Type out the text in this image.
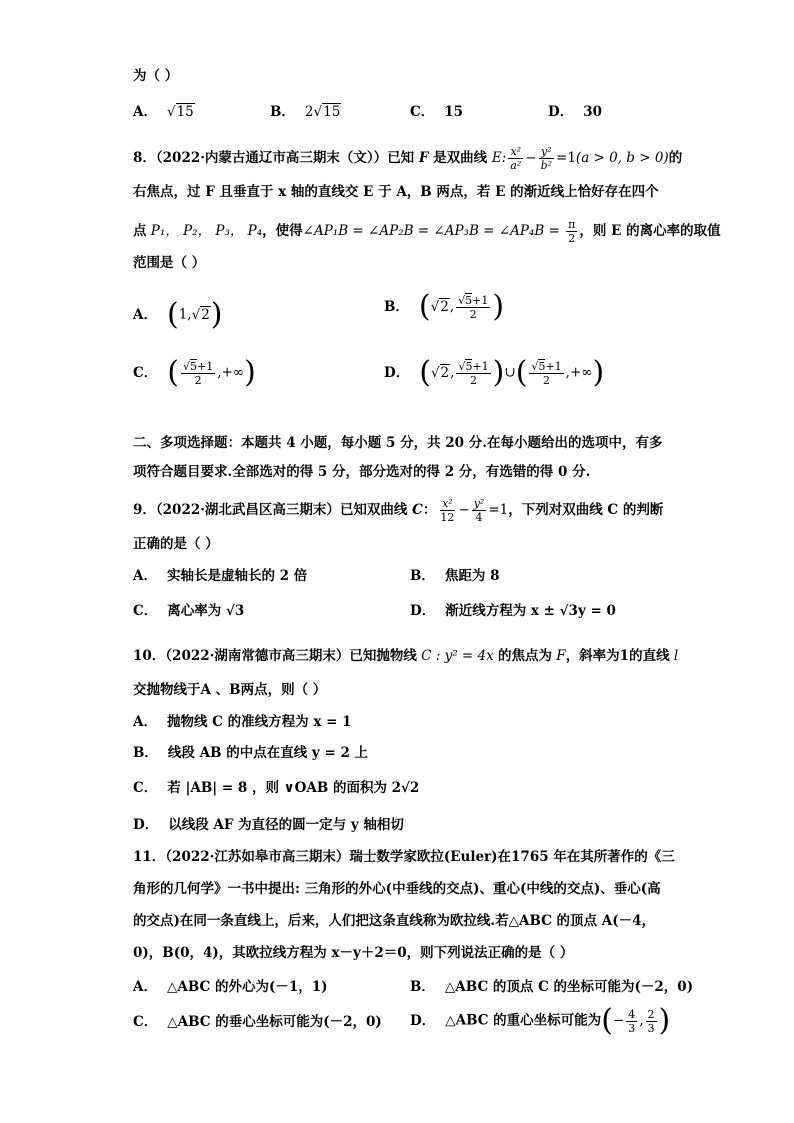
为（ ）
A． √15	B． 2√15	C． 15	D． 30
8．（2022·内蒙古通辽市高三期末（文））已知 F 是双曲线 E: $\frac{\text{x²}}{\text{a²}} - \frac{\text{y²}}{\text{b²}} =1(a > 0$, b > 0)的
右焦点，过 F 且垂直于 x 轴的直线交 E 于 A，B 两点，若 E 的渐近线上恰好存在四个
点 P₁， P₂， P₃， P₄，使得∠AP₁B = ∠AP₂B = ∠AP₃B = ∠AP₄B = $\frac{\pi}{2}$ ，则 E 的离心率的取值
范围是（ ）
A． (1,√2)	B． (√2, $\frac{√5+1}{2}$ )
C． ( $\frac{√5+1}{2}$ ,+∞)	D． (√2, $\frac{√5+1}{2}$ )∪( $\frac{√5+1}{2}$ ,+∞)
二、多项选择题：本题共 4 小题，每小题 5 分，共 20 分.在每小题给出的选项中，有多
项符合题目要求.全部选对的得 5 分，部分选对的得 2 分，有选错的得 0 分.
9．（2022·湖北武昌区高三期末）已知双曲线 C： $\frac{\text{x²}}{12} - \frac{\text{y²}}{4} =1$，下列对双曲线 C 的判断
正确的是（ ）
A． 实轴长是虚轴长的 2 倍	B． 焦距为 8
C． 离心率为 √3	D． 渐近线方程为 x ± √3y = 0
10．（2022·湖南常德市高三期末）已知抛物线 C : y² = 4x 的焦点为 F，斜率为1的直线 l
交抛物线于A 、B两点，则（ ）
A． 抛物线 C 的准线方程为 x = 1
B． 线段 AB 的中点在直线 y = 2 上
C． 若 |AB| = 8 ，则 ∨OAB 的面积为 2√2
D． 以线段 AF 为直径的圆一定与 y 轴相切
11．（2022·江苏如皋市高三期末）瑞士数学家欧拉(Euler)在1765 年在其所著作的《三
角形的几何学》一书中提出: 三角形的外心(中垂线的交点)、重心(中线的交点)、垂心(高
的交点)在同一条直线上，后来，人们把这条直线称为欧拉线.若△ABC 的顶点 A(－4，
0)，B(0，4)，其欧拉线方程为 x－y＋2＝0，则下列说法正确的是（ ）
A． △ABC 的外心为(－1，1)	B． △ABC 的顶点 C 的坐标可能为(－2，0)
C． △ABC 的垂心坐标可能为(－2，0) D． △ABC 的重心坐标可能为(− $\frac{4}{3}$ , $\frac{2}{3}$ )
